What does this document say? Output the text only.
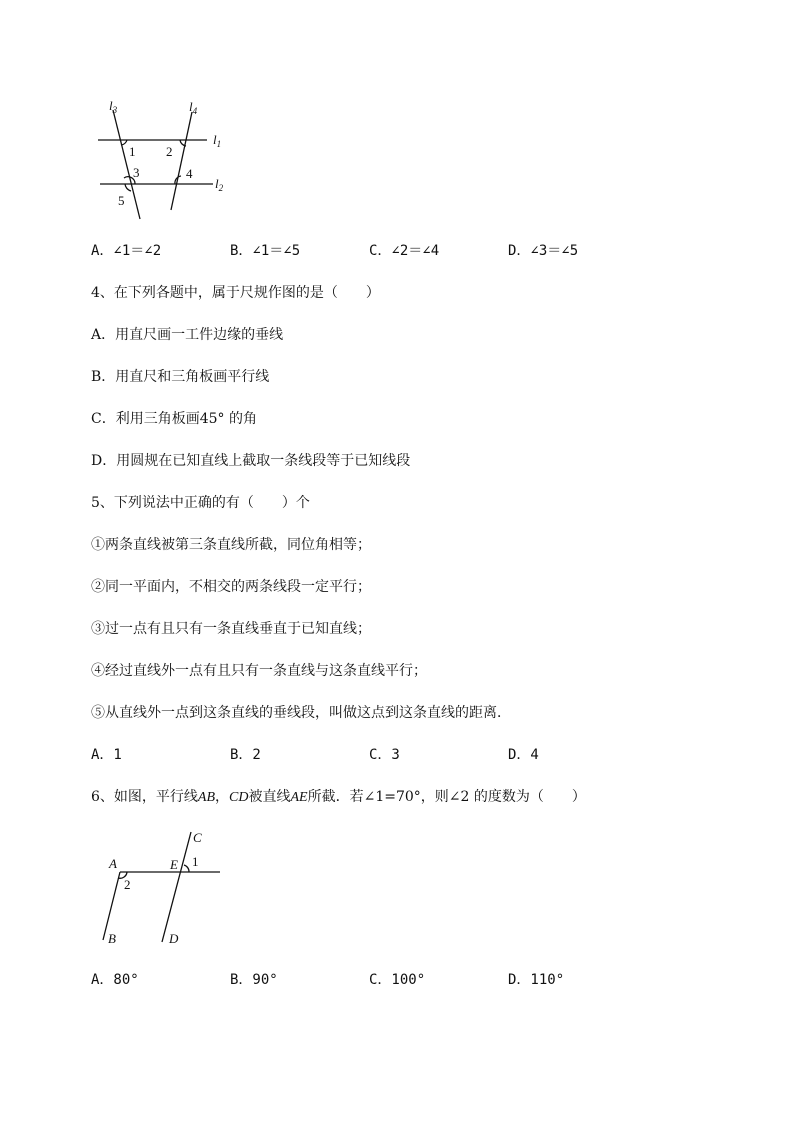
$l_3$	$l_4$
$l_1$
$l_2$
1 2
3	4
5
A．∠1＝∠2	B．∠1＝∠5	C．∠2＝∠4	D．∠3＝∠5
4、在下列各题中，属于尺规作图的是（　　）
A．用直尺画一工件边缘的垂线
B．用直尺和三角板画平行线
C．利用三角板画45° 的角
D．用圆规在已知直线上截取一条线段等于已知线段
5、下列说法中正确的有（　　）个
①两条直线被第三条直线所截，同位角相等；
②同一平面内，不相交的两条线段一定平行；
③过一点有且只有一条直线垂直于已知直线；
④经过直线外一点有且只有一条直线与这条直线平行；
⑤从直线外一点到这条直线的垂线段，叫做这点到这条直线的距离．
A．1	B．2	C．3	D．4
6、如图，平行线AB，CD被直线AE所截．若∠1=70°，则∠2 的度数为（　　）
A
2
E 1
C
B	D
A．80°	B．90°	C．100°	D．110°
